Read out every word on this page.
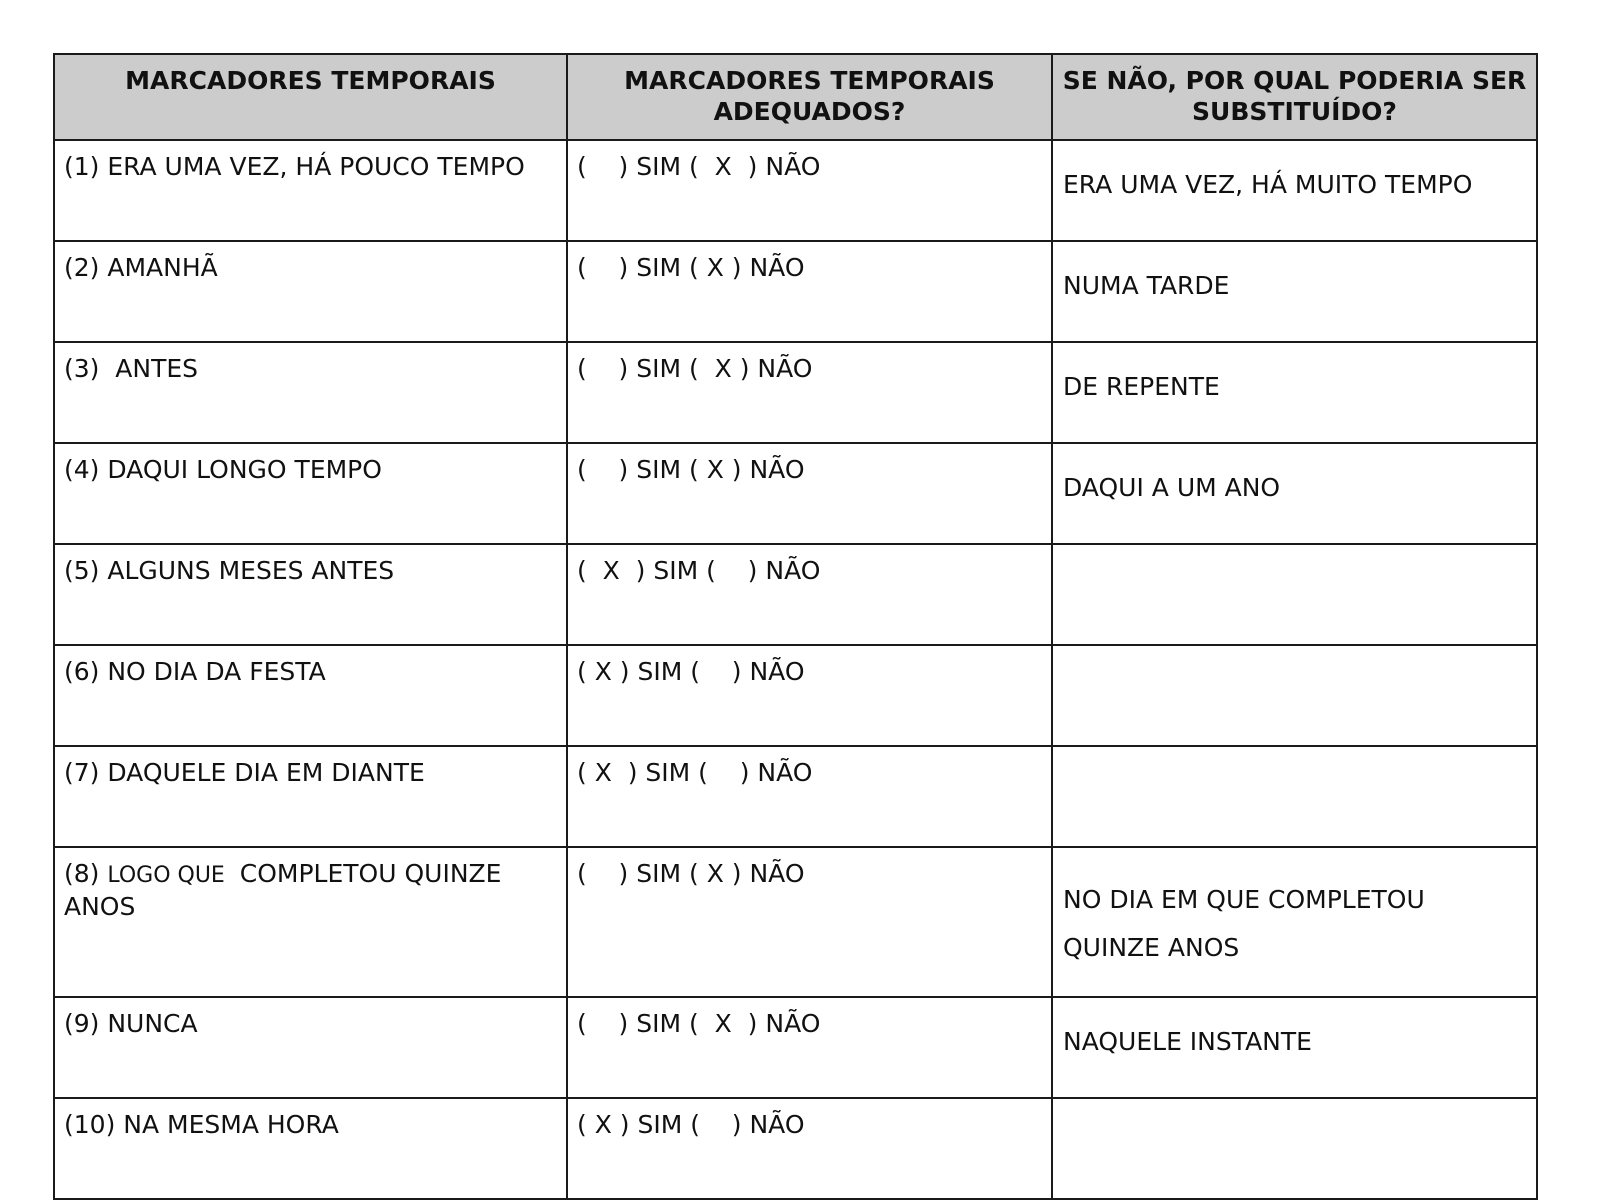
MARCADORES TEMPORAIS	MARCADORES TEMPORAIS ADEQUADOS?	SE NÃO, POR QUAL PODERIA SER SUBSTITUÍDO?
(1) ERA UMA VEZ, HÁ POUCO TEMPO	(    ) SIM (  X  ) NÃO	ERA UMA VEZ, HÁ MUITO TEMPO
(2) AMANHÃ	(    ) SIM ( X ) NÃO	NUMA TARDE
(3)  ANTES	(    ) SIM (  X ) NÃO	DE REPENTE
(4) DAQUI LONGO TEMPO	(    ) SIM ( X ) NÃO	DAQUI A UM ANO
(5) ALGUNS MESES ANTES	(  X  ) SIM (    ) NÃO	
(6) NO DIA DA FESTA	( X ) SIM (    ) NÃO	
(7) DAQUELE DIA EM DIANTE	( X  ) SIM (    ) NÃO	
(8) LOGO QUE  COMPLETOU QUINZE ANOS	(    ) SIM ( X ) NÃO	NO DIA EM QUE COMPLETOU QUINZE ANOS
(9) NUNCA	(    ) SIM (  X  ) NÃO	NAQUELE INSTANTE
(10) NA MESMA HORA	( X ) SIM (    ) NÃO	
